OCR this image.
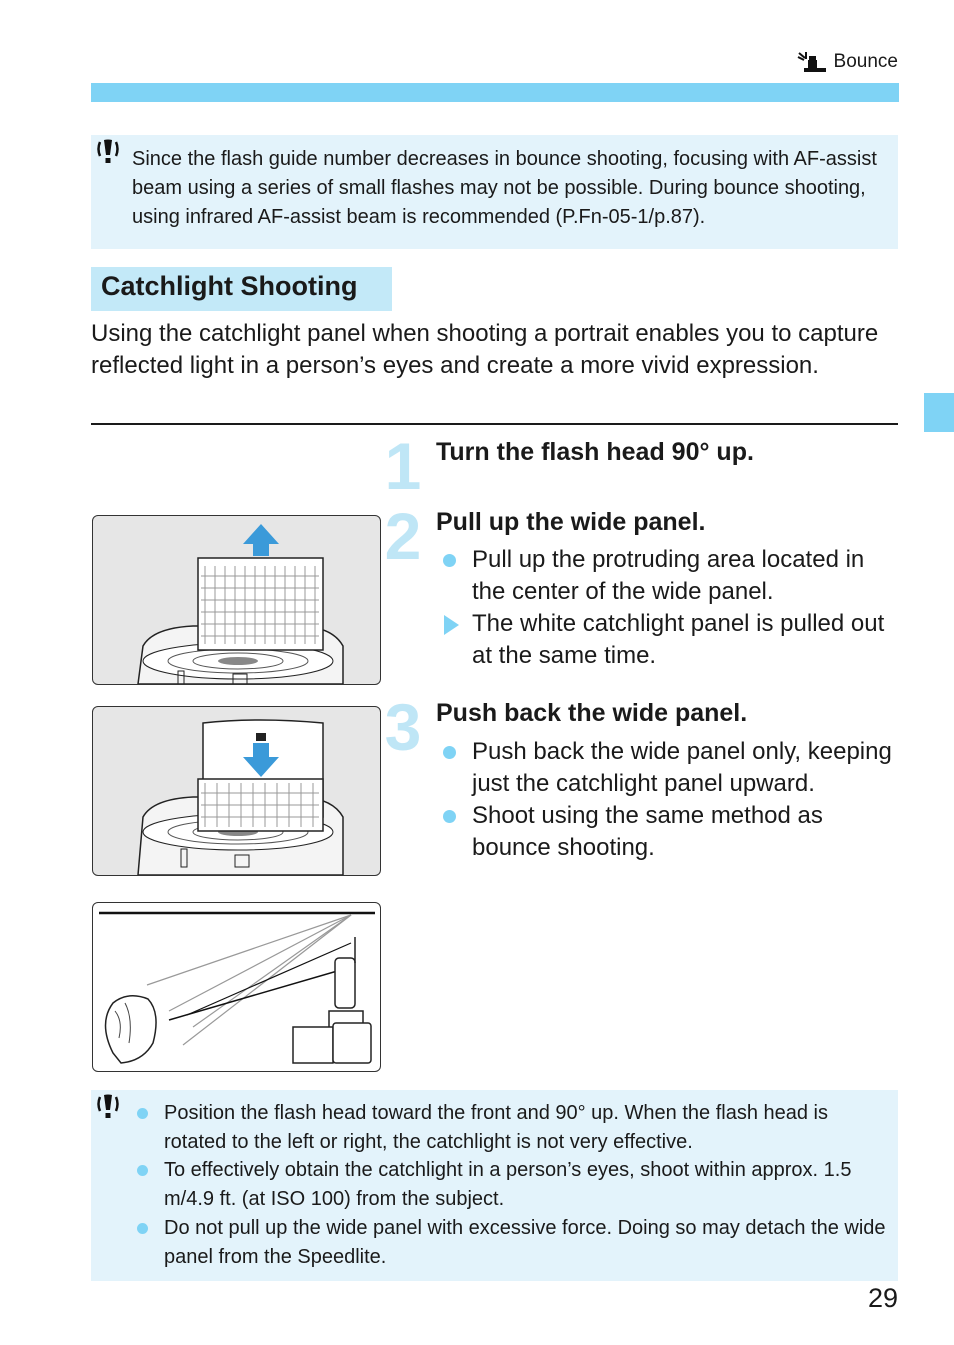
Bounce
Since the flash guide number decreases in bounce shooting, focusing with AF-assist beam using a series of small flashes may not be possible. During bounce shooting, using infrared AF-assist beam is recommended (P.Fn-05-1/p.87).
Catchlight Shooting
Using the catchlight panel when shooting a portrait enables you to capture reflected light in a person’s eyes and create a more vivid expression.
1 Turn the flash head 90° up.
2 Pull up the wide panel.
Pull up the protruding area located in the center of the wide panel.
The white catchlight panel is pulled out at the same time.
3 Push back the wide panel.
Push back the wide panel only, keeping just the catchlight panel upward.
Shoot using the same method as bounce shooting.
Position the flash head toward the front and 90° up. When the flash head is rotated to the left or right, the catchlight is not very effective.
To effectively obtain the catchlight in a person’s eyes, shoot within approx. 1.5 m/4.9 ft. (at ISO 100) from the subject.
Do not pull up the wide panel with excessive force. Doing so may detach the wide panel from the Speedlite.
29
